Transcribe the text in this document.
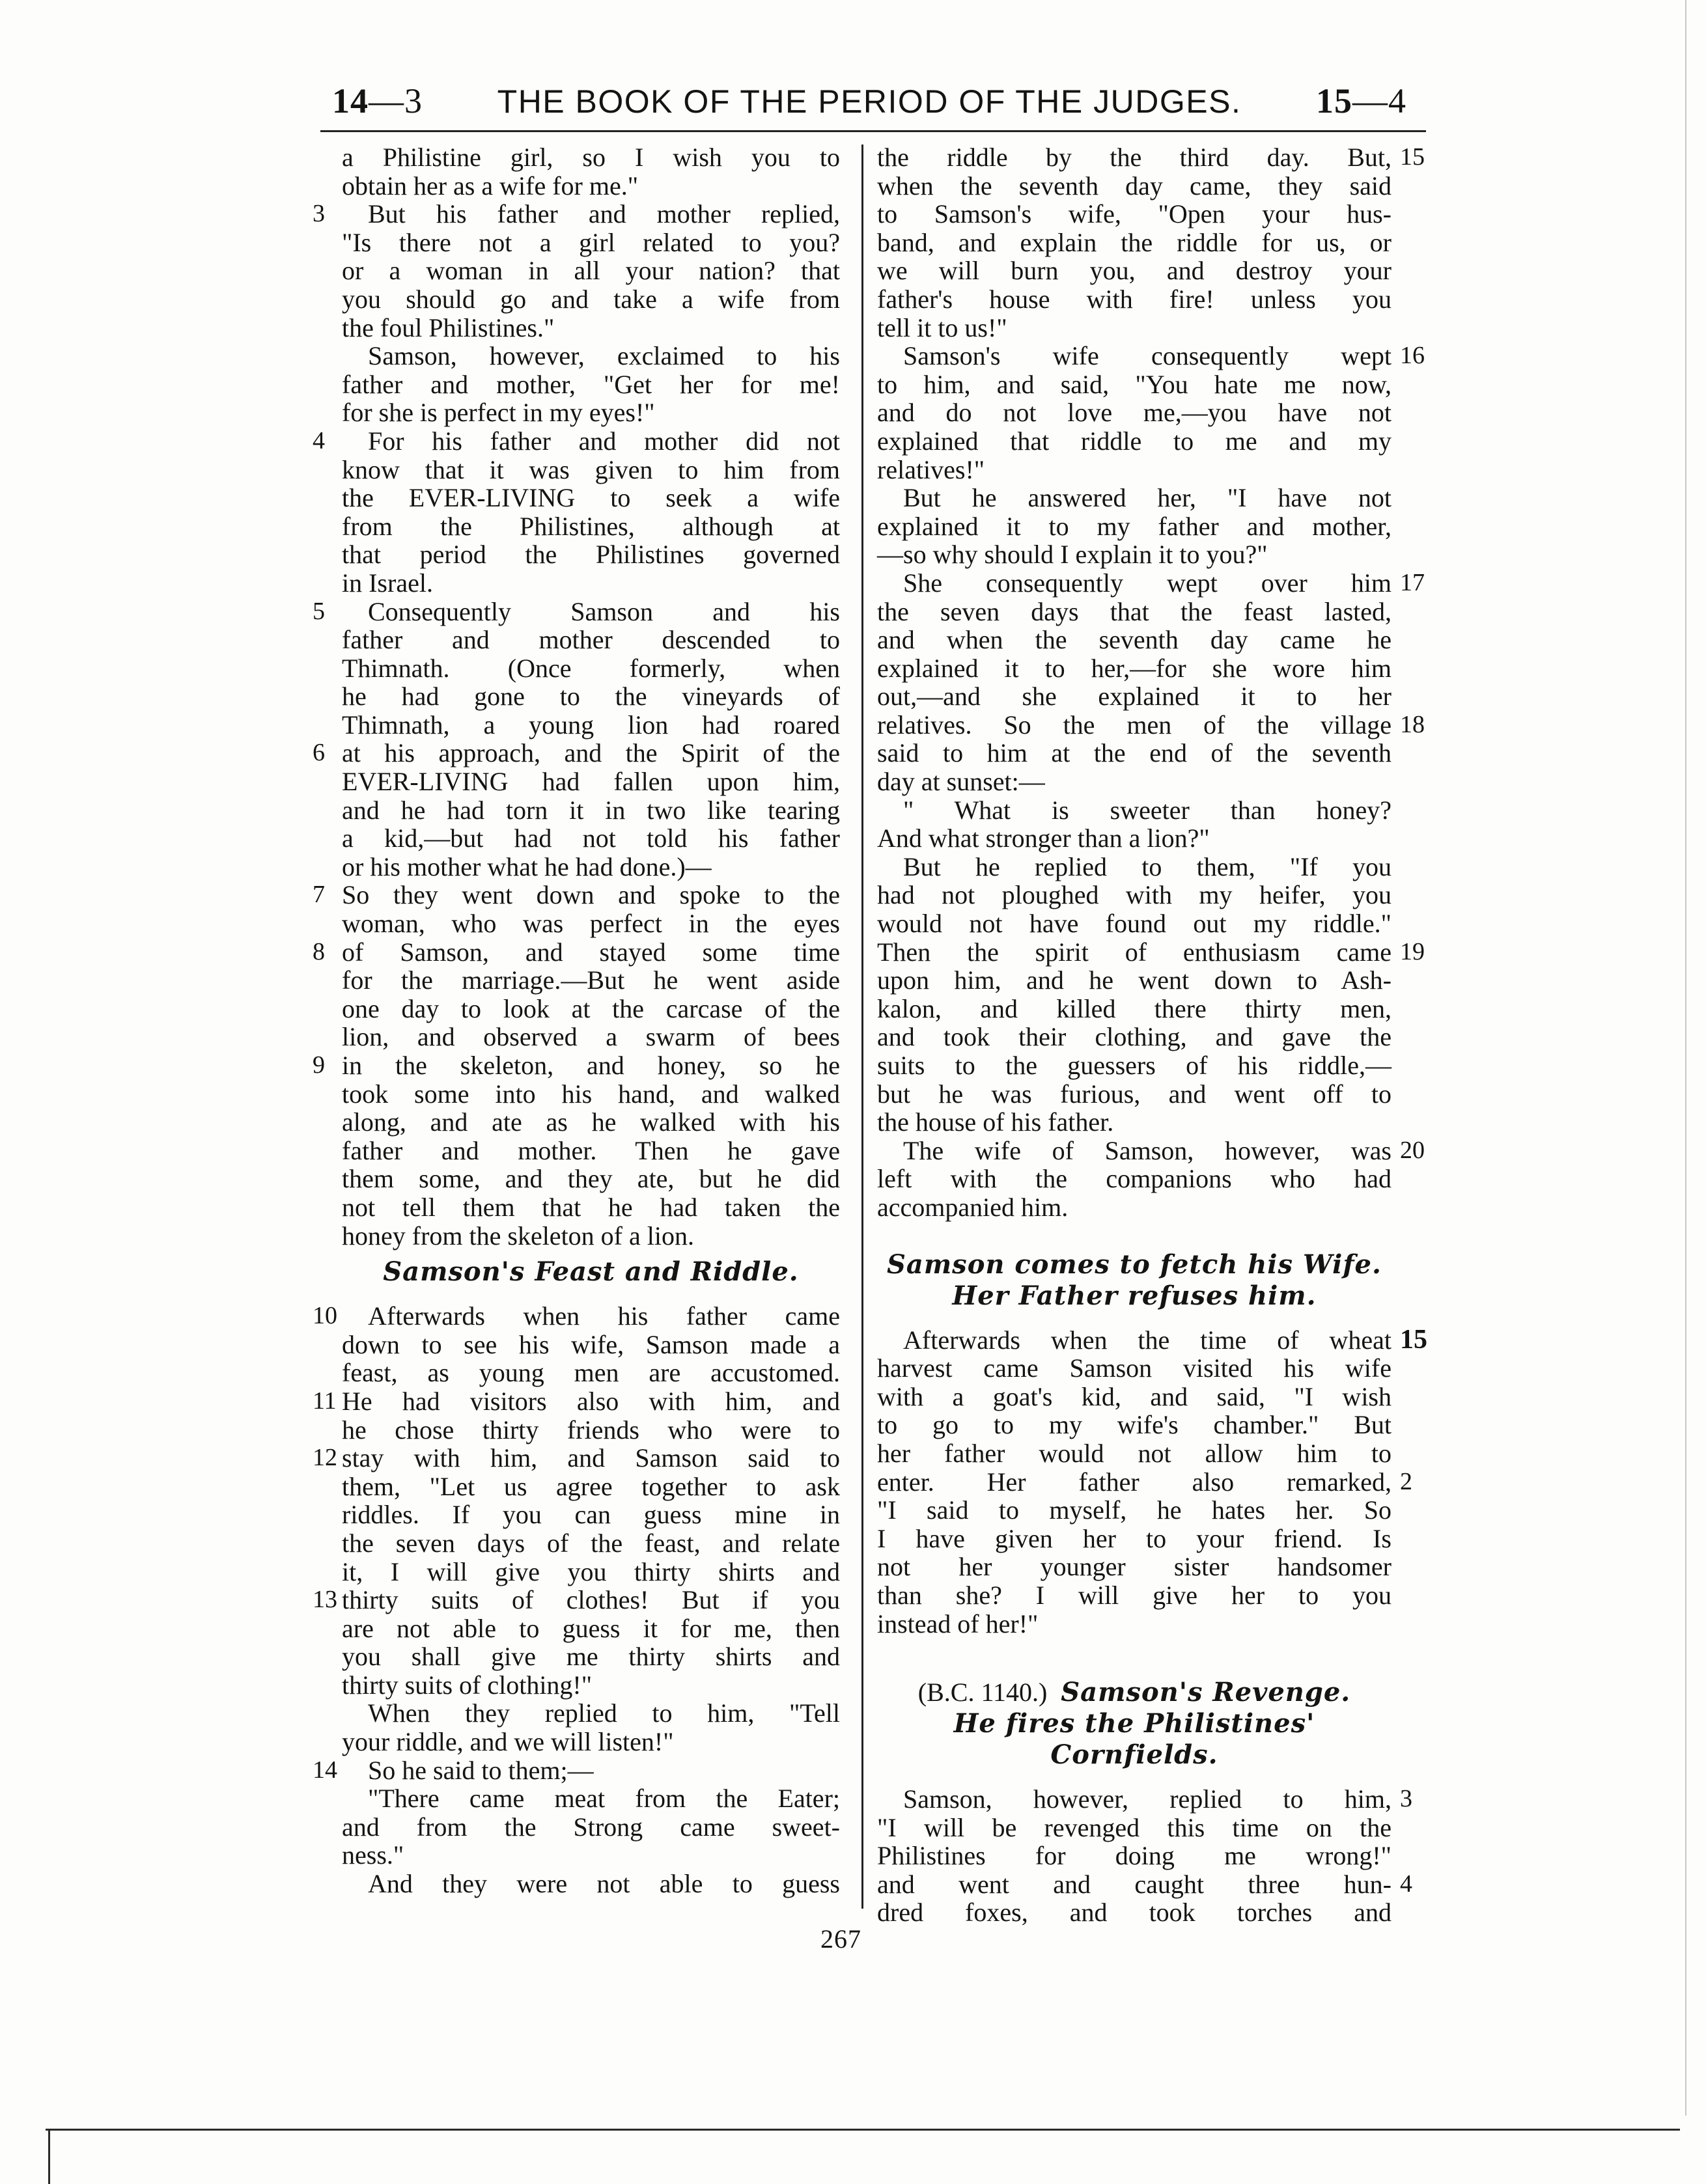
14—3 THE BOOK OF THE PERIOD OF THE JUDGES. 15—4
a Philistine girl, so I wish you to
obtain her as a wife for me."
3	But his father and mother replied,
"Is there not a girl related to you?
or a woman in all your nation? that
you should go and take a wife from
the foul Philistines."
Samson, however, exclaimed to his
father and mother, "Get her for me!
for she is perfect in my eyes!"
4	For his father and mother did not
know that it was given to him from
the EVER-LIVING to seek a wife
from the Philistines, although at
that period the Philistines governed
in Israel.
5	Consequently Samson and his
father and mother descended to
Thimnath. (Once formerly, when
he had gone to the vineyards of
Thimnath, a young lion had roared
6 at his approach, and the Spirit of the
EVER-LIVING had fallen upon him,
and he had torn it in two like tearing
a kid,—but had not told his father
or his mother what he had done.)—
7 So they went down and spoke to the
woman, who was perfect in the eyes
8 of Samson, and stayed some time
for the marriage.—But he went aside
one day to look at the carcase of the
lion, and observed a swarm of bees
9 in the skeleton, and honey, so he
took some into his hand, and walked
along, and ate as he walked with his
father and mother. Then he gave
them some, and they ate, but he did
not tell them that he had taken the
honey from the skeleton of a lion.
Samson's Feast and Riddle.
10	Afterwards when his father came
down to see his wife, Samson made a
feast, as young men are accustomed.
11 He had visitors also with him, and
he chose thirty friends who were to
12 stay with him, and Samson said to
them, "Let us agree together to ask
riddles. If you can guess mine in
the seven days of the feast, and relate
it, I will give you thirty shirts and
13 thirty suits of clothes! But if you
are not able to guess it for me, then
you shall give me thirty shirts and
thirty suits of clothing!"
When they replied to him, "Tell
your riddle, and we will listen!"
14	So he said to them;—
"There came meat from the Eater;
and from the Strong came sweet-
ness."
And they were not able to guess
15
the riddle by the third day. But,
when the seventh day came, they said
to Samson's wife, "Open your hus-
band, and explain the riddle for us, or
we will burn you, and destroy your
father's house with fire! unless you
tell it to us!"
16
Samson's wife consequently wept
to him, and said, "You hate me now,
and do not love me,—you have not
explained that riddle to me and my
relatives!"
But he answered her, "I have not
explained it to my father and mother,
—so why should I explain it to you?"
17
She consequently wept over him
the seven days that the feast lasted,
and when the seventh day came he
explained it to her,—for she wore him
out,—and she explained it to her
18
relatives. So the men of the village
said to him at the end of the seventh
day at sunset:—
" What is sweeter than honey?
And what stronger than a lion?"
But he replied to them, "If you
had not ploughed with my heifer, you
would not have found out my riddle."
19
Then the spirit of enthusiasm came
upon him, and he went down to Ash-
kalon, and killed there thirty men,
and took their clothing, and gave the
suits to the guessers of his riddle,—
but he was furious, and went off to
the house of his father.
20
The wife of Samson, however, was
left with the companions who had
accompanied him.
Samson comes to fetch his Wife.
Her Father refuses him.
15
Afterwards when the time of wheat
harvest came Samson visited his wife
with a goat's kid, and said, "I wish
to go to my wife's chamber." But
her father would not allow him to
2
enter. Her father also remarked,
"I said to myself, he hates her. So
I have given her to your friend. Is
not her younger sister handsomer
than she? I will give her to you
instead of her!"
(B.C. 1140.)  Samson's Revenge.
He fires the Philistines' Cornfields.
3
Samson, however, replied to him,
"I will be revenged this time on the
Philistines for doing me wrong!"
4
and went and caught three hun-
dred foxes, and took torches and
267
